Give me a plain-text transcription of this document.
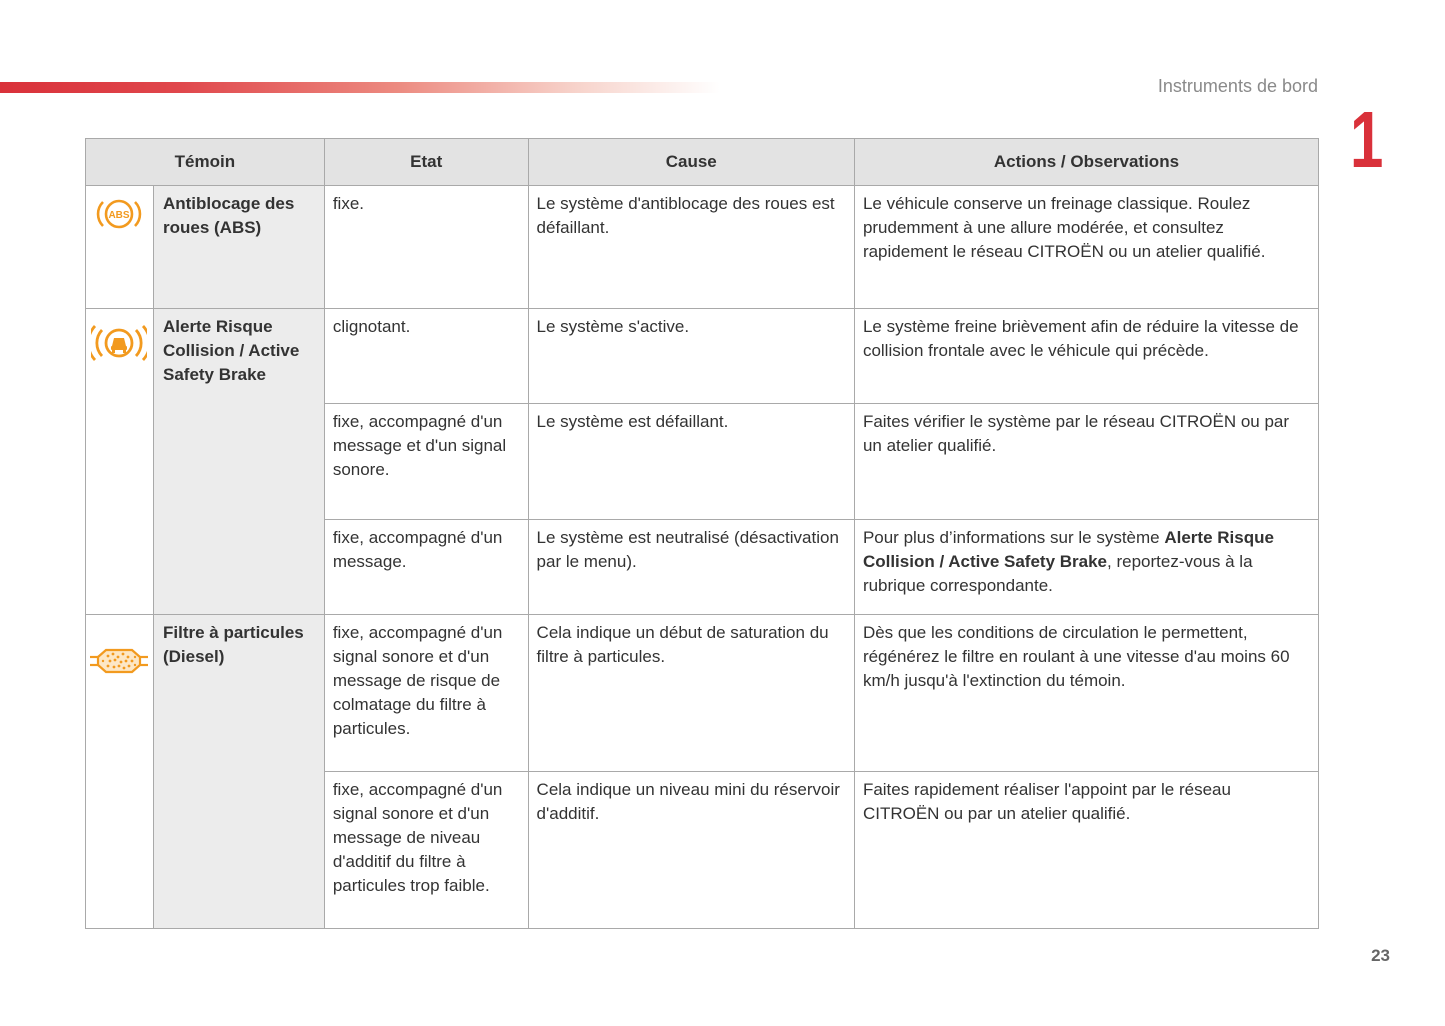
Instruments de bord
1
Témoin		Etat	Cause	Actions / Observations

ABS	Antiblocage des roues (ABS)	fixe.	Le système d'antiblocage des roues est défaillant.	Le véhicule conserve un freinage classique. Roulez prudemment à une allure modérée, et consultez rapidement le réseau CITROËN ou un atelier qualifié.
	Alerte Risque Collision / Active Safety Brake	clignotant.	Le système s'active.	Le système freine brièvement afin de réduire la vitesse de collision frontale avec le véhicule qui précède.
		fixe, accompagné d'un message et d'un signal sonore.	Le système est défaillant.	Faites vérifier le système par le réseau CITROËN ou par un atelier qualifié.
		fixe, accompagné d'un message.	Le système est neutralisé (désactivation par le menu).	Pour plus d’informations sur le système Alerte Risque Collision / Active Safety Brake, reportez-vous à la rubrique correspondante.
	Filtre à particules (Diesel)	fixe, accompagné d'un signal sonore et d'un message de risque de colmatage du filtre à particules.	Cela indique un début de saturation du filtre à particules.	Dès que les conditions de circulation le permettent, régénérez le filtre en roulant à une vitesse d'au moins 60 km/h jusqu'à l'extinction du témoin.
		fixe, accompagné d'un signal sonore et d'un message de niveau d'additif du filtre à particules trop faible.	Cela indique un niveau mini du réservoir d'additif.	Faites rapidement réaliser l'appoint par le réseau CITROËN ou par un atelier qualifié.
23
